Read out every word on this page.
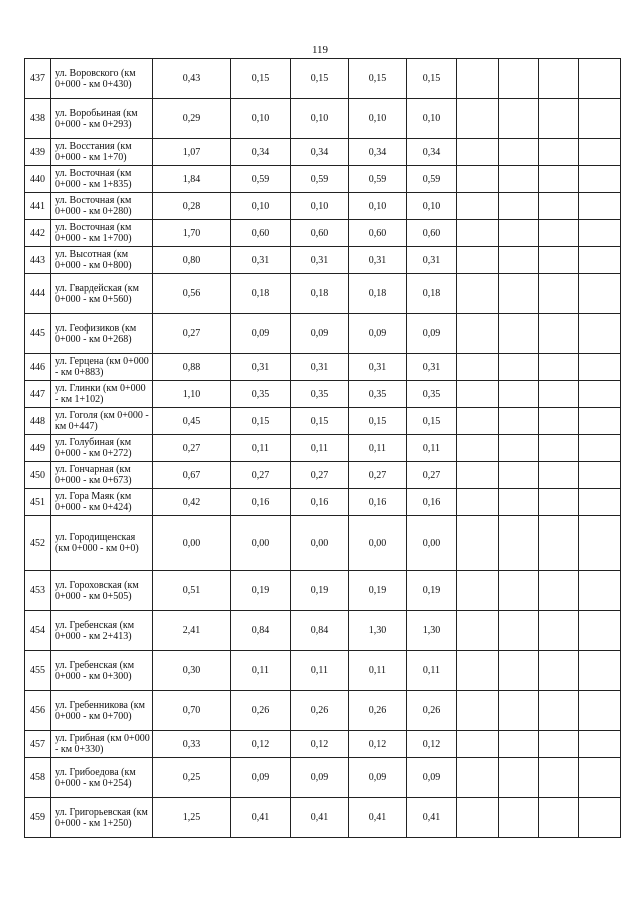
119
437	ул. Воровского (км 0+000 - км 0+430)	0,43	0,15	0,15	0,15	0,15				
438	ул. Воробьиная (км 0+000 - км 0+293)	0,29	0,10	0,10	0,10	0,10				
439	ул. Восстания (км 0+000 - км 1+70)	1,07	0,34	0,34	0,34	0,34				
440	ул. Восточная (км 0+000 - км 1+835)	1,84	0,59	0,59	0,59	0,59				
441	ул. Восточная (км 0+000 - км 0+280)	0,28	0,10	0,10	0,10	0,10				
442	ул. Восточная (км 0+000 - км 1+700)	1,70	0,60	0,60	0,60	0,60				
443	ул. Высотная (км 0+000 - км 0+800)	0,80	0,31	0,31	0,31	0,31				
444	ул. Гвардейская (км 0+000 - км 0+560)	0,56	0,18	0,18	0,18	0,18				
445	ул. Геофизиков (км 0+000 - км 0+268)	0,27	0,09	0,09	0,09	0,09				
446	ул. Герцена (км 0+000 - км 0+883)	0,88	0,31	0,31	0,31	0,31				
447	ул. Глинки (км 0+000 - км 1+102)	1,10	0,35	0,35	0,35	0,35				
448	ул. Гоголя (км 0+000 - км 0+447)	0,45	0,15	0,15	0,15	0,15				
449	ул. Голубиная (км 0+000 - км 0+272)	0,27	0,11	0,11	0,11	0,11				
450	ул. Гончарная (км 0+000 - км 0+673)	0,67	0,27	0,27	0,27	0,27				
451	ул. Гора Маяк (км 0+000 - км 0+424)	0,42	0,16	0,16	0,16	0,16				
452	ул. Городищенская (км 0+000 - км 0+0)	0,00	0,00	0,00	0,00	0,00				
453	ул. Гороховская (км 0+000 - км 0+505)	0,51	0,19	0,19	0,19	0,19				
454	ул. Гребенская (км 0+000 - км 2+413)	2,41	0,84	0,84	1,30	1,30				
455	ул. Гребенская (км 0+000 - км 0+300)	0,30	0,11	0,11	0,11	0,11				
456	ул. Гребенникова (км 0+000 - км 0+700)	0,70	0,26	0,26	0,26	0,26				
457	ул. Грибная (км 0+000 - км 0+330)	0,33	0,12	0,12	0,12	0,12				
458	ул. Грибоедова (км 0+000 - км 0+254)	0,25	0,09	0,09	0,09	0,09				
459	ул. Григорьевская (км 0+000 - км 1+250)	1,25	0,41	0,41	0,41	0,41				
